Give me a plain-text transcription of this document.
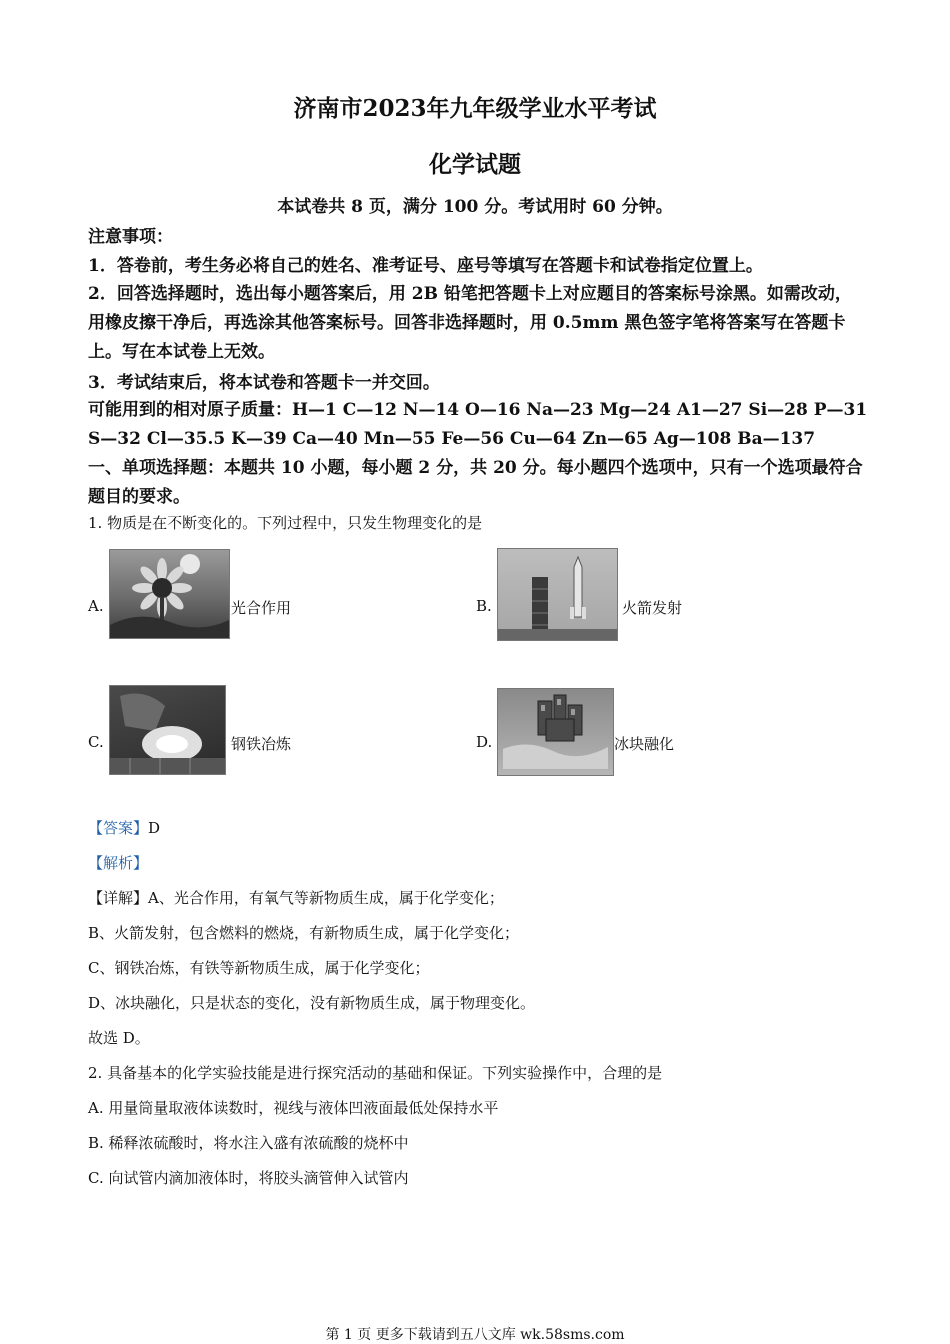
济南市2023年九年级学业水平考试
化学试题
本试卷共 8 页，满分 100 分。考试用时 60 分钟。
注意事项：
1．答卷前，考生务必将自己的姓名、准考证号、座号等填写在答题卡和试卷指定位置上。
2．回答选择题时，选出每小题答案后，用 2B 铅笔把答题卡上对应题目的答案标号涂黑。如需改动，用橡皮擦干净后，再选涂其他答案标号。回答非选择题时，用 0.5mm 黑色签字笔将答案写在答题卡上。写在本试卷上无效。
3．考试结束后，将本试卷和答题卡一并交回。
可能用到的相对原子质量：H—1 C—12 N—14 O—16 Na—23 Mg—24 A1—27 Si—28 P—31 S—32 Cl—35.5 K—39 Ca—40 Mn—55 Fe—56 Cu—64 Zn—65 Ag—108 Ba—137
一、单项选择题：本题共 10 小题，每小题 2 分，共 20 分。每小题四个选项中，只有一个选项最符合题目的要求。
1. 物质是在不断变化的。下列过程中，只发生物理变化的是
A.	光合作用	B.	火箭发射
C.	钢铁冶炼	D.	冰块融化
【答案】D
【解析】
【详解】A、光合作用，有氧气等新物质生成，属于化学变化；
B、火箭发射，包含燃料的燃烧，有新物质生成，属于化学变化；
C、钢铁冶炼，有铁等新物质生成，属于化学变化；
D、冰块融化，只是状态的变化，没有新物质生成，属于物理变化。
故选 D。
2. 具备基本的化学实验技能是进行探究活动的基础和保证。下列实验操作中，合理的是
A. 用量筒量取液体读数时，视线与液体凹液面最低处保持水平
B. 稀释浓硫酸时，将水注入盛有浓硫酸的烧杯中
C. 向试管内滴加液体时，将胶头滴管伸入试管内
第 1 页 更多下载请到五八文库 wk.58sms.com
